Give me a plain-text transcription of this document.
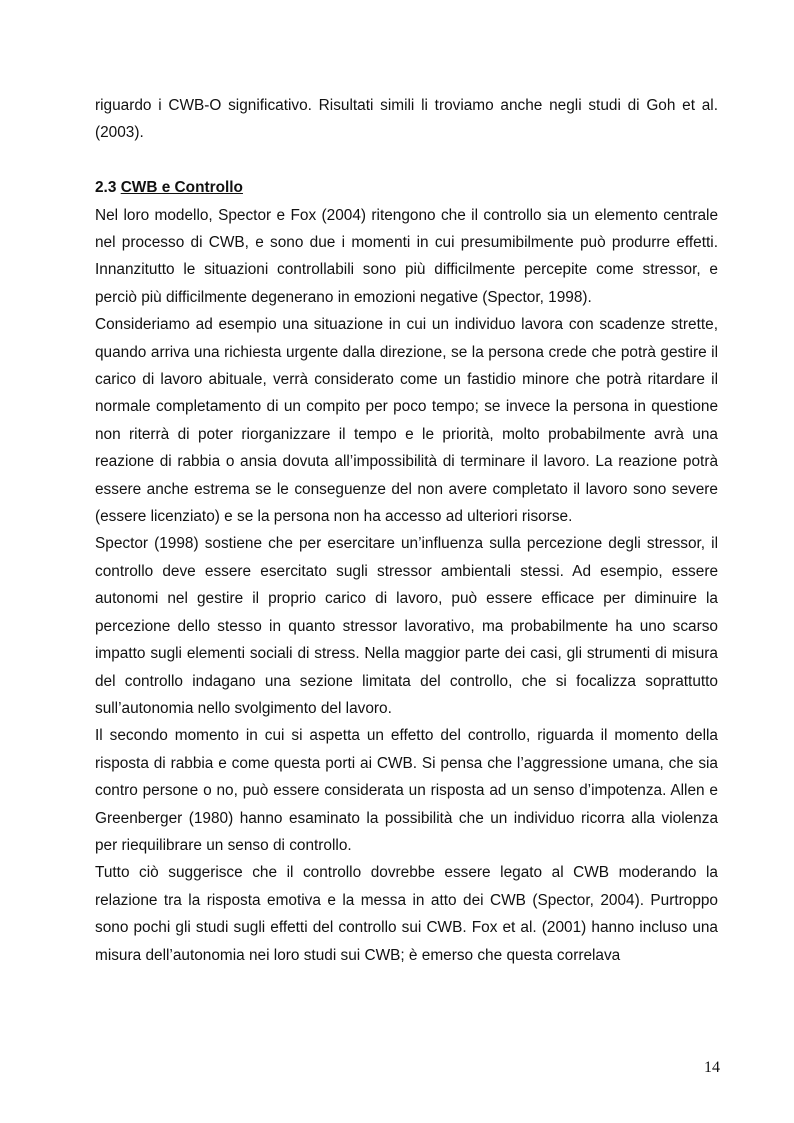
riguardo i CWB-O significativo. Risultati simili li troviamo anche negli studi di Goh et al. (2003).

2.3 CWB e Controllo

Nel loro modello, Spector e Fox (2004) ritengono che il controllo sia un elemento centrale nel processo di CWB, e sono due i momenti in cui presumibilmente può produrre effetti. Innanzitutto le situazioni controllabili sono più difficilmente percepite come stressor, e perciò più difficilmente degenerano in emozioni negative (Spector, 1998).

Consideriamo ad esempio una situazione in cui un individuo lavora con scadenze strette, quando arriva una richiesta urgente dalla direzione, se la persona crede che potrà gestire il carico di lavoro abituale, verrà considerato come un fastidio minore che potrà ritardare il normale completamento di un compito per poco tempo; se invece la persona in questione non riterrà di poter riorganizzare il tempo e le priorità, molto probabilmente avrà una reazione di rabbia o ansia dovuta all’impossibilità di terminare il lavoro. La reazione potrà essere anche estrema se le conseguenze del non avere completato il lavoro sono severe (essere licenziato) e se la persona non ha accesso ad ulteriori risorse.

Spector (1998) sostiene che per esercitare un’influenza sulla percezione degli stressor, il controllo deve essere esercitato sugli stressor ambientali stessi. Ad esempio, essere autonomi nel gestire il proprio carico di lavoro, può essere efficace per diminuire la percezione dello stesso in quanto stressor lavorativo, ma probabilmente ha uno scarso impatto sugli elementi sociali di stress. Nella maggior parte dei casi, gli strumenti di misura del controllo indagano una sezione limitata del controllo, che si focalizza soprattutto sull’autonomia nello svolgimento del lavoro.

Il secondo momento in cui si aspetta un effetto del controllo, riguarda il momento della risposta di rabbia e come questa porti ai CWB. Si pensa che l’aggressione umana, che sia contro persone o no, può essere considerata un risposta ad un senso d’impotenza. Allen e Greenberger (1980) hanno esaminato la possibilità che un individuo ricorra alla violenza per riequilibrare un senso di controllo.

Tutto ciò suggerisce che il controllo dovrebbe essere legato al CWB moderando la relazione tra la risposta emotiva e la messa in atto dei CWB (Spector, 2004). Purtroppo sono pochi gli studi sugli effetti del controllo sui CWB. Fox et al. (2001) hanno incluso una misura dell’autonomia nei loro studi sui CWB; è emerso che questa correlava

14
